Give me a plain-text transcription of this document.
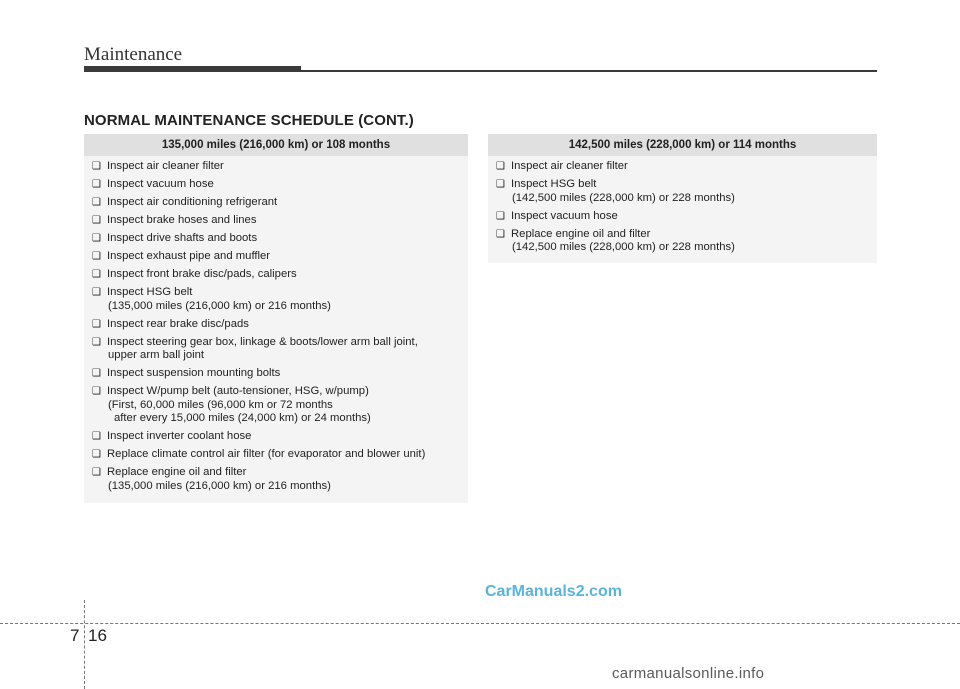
Maintenance
NORMAL MAINTENANCE SCHEDULE (CONT.)
135,000 miles (216,000 km) or 108 months
❑ Inspect air cleaner filter
❑ Inspect vacuum hose
❑ Inspect air conditioning refrigerant
❑ Inspect brake hoses and lines
❑ Inspect drive shafts and boots
❑ Inspect exhaust pipe and muffler
❑ Inspect front brake disc/pads, calipers
❑ Inspect HSG belt
(135,000 miles (216,000 km) or 216 months)
❑ Inspect rear brake disc/pads
❑ Inspect steering gear box, linkage & boots/lower arm ball joint,
upper arm ball joint
❑ Inspect suspension mounting bolts
❑ Inspect W/pump belt (auto-tensioner, HSG, w/pump)
(First, 60,000 miles (96,000 km or 72 months
after every 15,000 miles (24,000 km) or 24 months)
❑ Inspect inverter coolant hose
❑ Replace climate control air filter (for evaporator and blower unit)
❑ Replace engine oil and filter
(135,000 miles (216,000 km) or 216 months)
142,500 miles (228,000 km) or 114 months
❑ Inspect air cleaner filter
❑ Inspect HSG belt
(142,500 miles (228,000 km) or 228 months)
❑ Inspect vacuum hose
❑ Replace engine oil and filter
(142,500 miles (228,000 km) or 228 months)
CarManuals2.com
7 16
carmanualsonline.info
